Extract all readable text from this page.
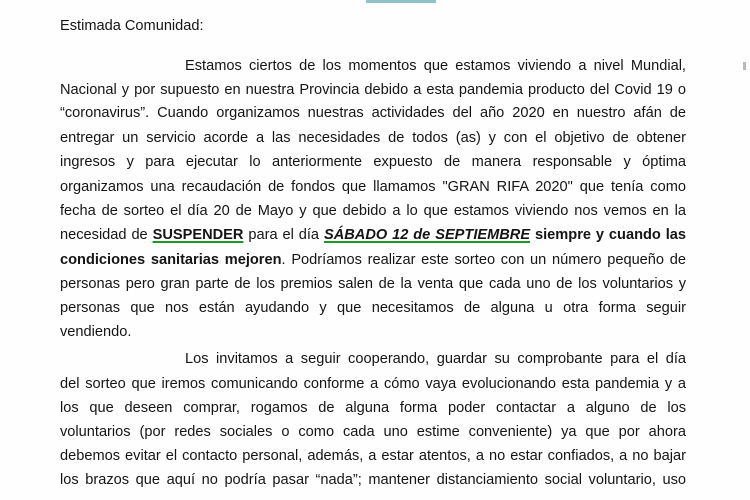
Estimada Comunidad:
Estamos ciertos de los momentos que estamos viviendo a nivel Mundial,
Nacional y por supuesto en nuestra Provincia debido a esta pandemia producto del Covid 19 o
“coronavirus”. Cuando organizamos nuestras actividades del año 2020 en nuestro afán de
entregar un servicio acorde a las necesidades de todos (as) y con el objetivo de obtener
ingresos y para ejecutar lo anteriormente expuesto de manera responsable y óptima
organizamos una recaudación de fondos que llamamos "GRAN RIFA 2020" que tenía como
fecha de sorteo el día 20 de Mayo y que debido a lo que estamos viviendo nos vemos en la
necesidad de SUSPENDER para el día SÁBADO 12 de SEPTIEMBRE siempre y cuando las
condiciones sanitarias mejoren. Podríamos realizar este sorteo con un número pequeño de
personas pero gran parte de los premios salen de la venta que cada uno de los voluntarios y
personas que nos están ayudando y que necesitamos de alguna u otra forma seguir
vendiendo.
Los invitamos a seguir cooperando, guardar su comprobante para el día
del sorteo que iremos comunicando conforme a cómo vaya evolucionando esta pandemia y a
los que deseen comprar, rogamos de alguna forma poder contactar a alguno de los
voluntarios (por redes sociales o como cada uno estime conveniente) ya que por ahora
debemos evitar el contacto personal, además, a estar atentos, a no estar confiados, a no bajar
los brazos que aquí no podría pasar “nada”; mantener distanciamiento social voluntario, uso
